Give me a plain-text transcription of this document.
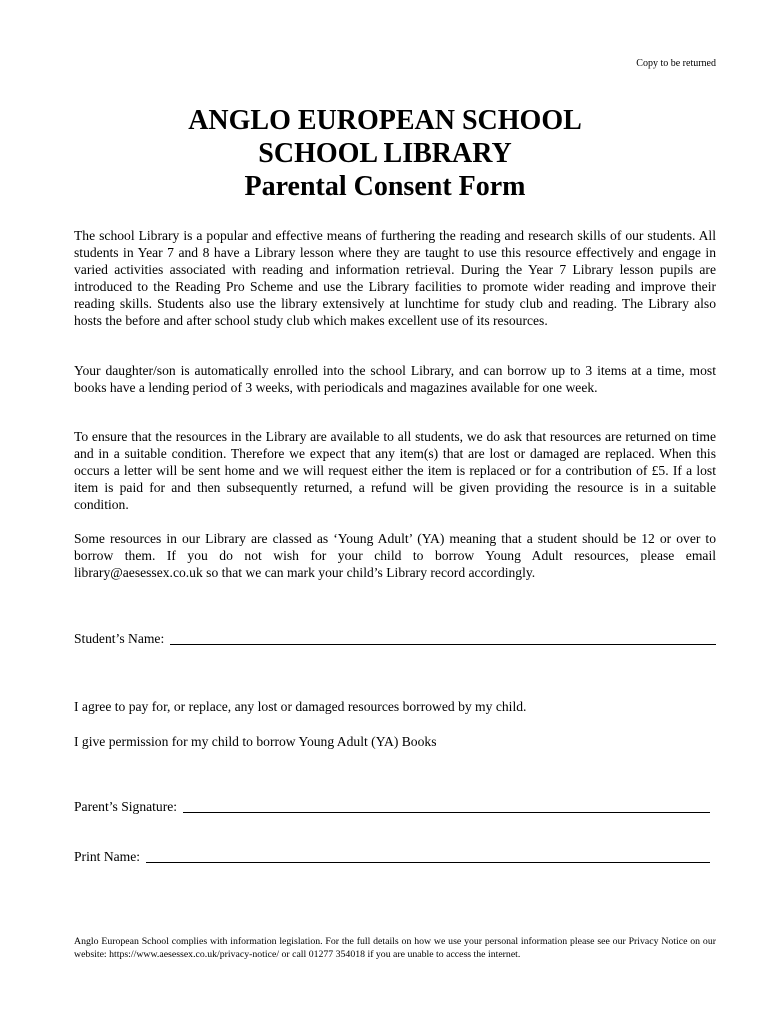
Copy to be returned
ANGLO EUROPEAN SCHOOL
SCHOOL LIBRARY
Parental Consent Form
The school Library is a popular and effective means of furthering the reading and research skills of our students. All students in Year 7 and 8 have a Library lesson where they are taught to use this resource effectively and engage in varied activities associated with reading and information retrieval. During the Year 7 Library lesson pupils are introduced to the Reading Pro Scheme and use the Library facilities to promote wider reading and improve their reading skills. Students also use the library extensively at lunchtime for study club and reading. The Library also hosts the before and after school study club which makes excellent use of its resources.
Your daughter/son is automatically enrolled into the school Library, and can borrow up to 3 items at a time, most books have a lending period of 3 weeks, with periodicals and magazines available for one week.
To ensure that the resources in the Library are available to all students, we do ask that resources are returned on time and in a suitable condition. Therefore we expect that any item(s) that are lost or damaged are replaced. When this occurs a letter will be sent home and we will request either the item is replaced or for a contribution of £5. If a lost item is paid for and then subsequently returned, a refund will be given providing the resource is in a suitable condition.
Some resources in our Library are classed as ‘Young Adult’ (YA) meaning that a student should be 12 or over to borrow them. If you do not wish for your child to borrow Young Adult resources, please email library@aesessex.co.uk so that we can mark your child’s Library record accordingly.
Student’s Name:
I agree to pay for, or replace, any lost or damaged resources borrowed by my child.
I give permission for my child to borrow Young Adult (YA) Books
Parent’s Signature:
Print Name:
Anglo European School complies with information legislation. For the full details on how we use your personal information please see our Privacy Notice on our website: https://www.aesessex.co.uk/privacy-notice/ or call 01277 354018 if you are unable to access the internet.
